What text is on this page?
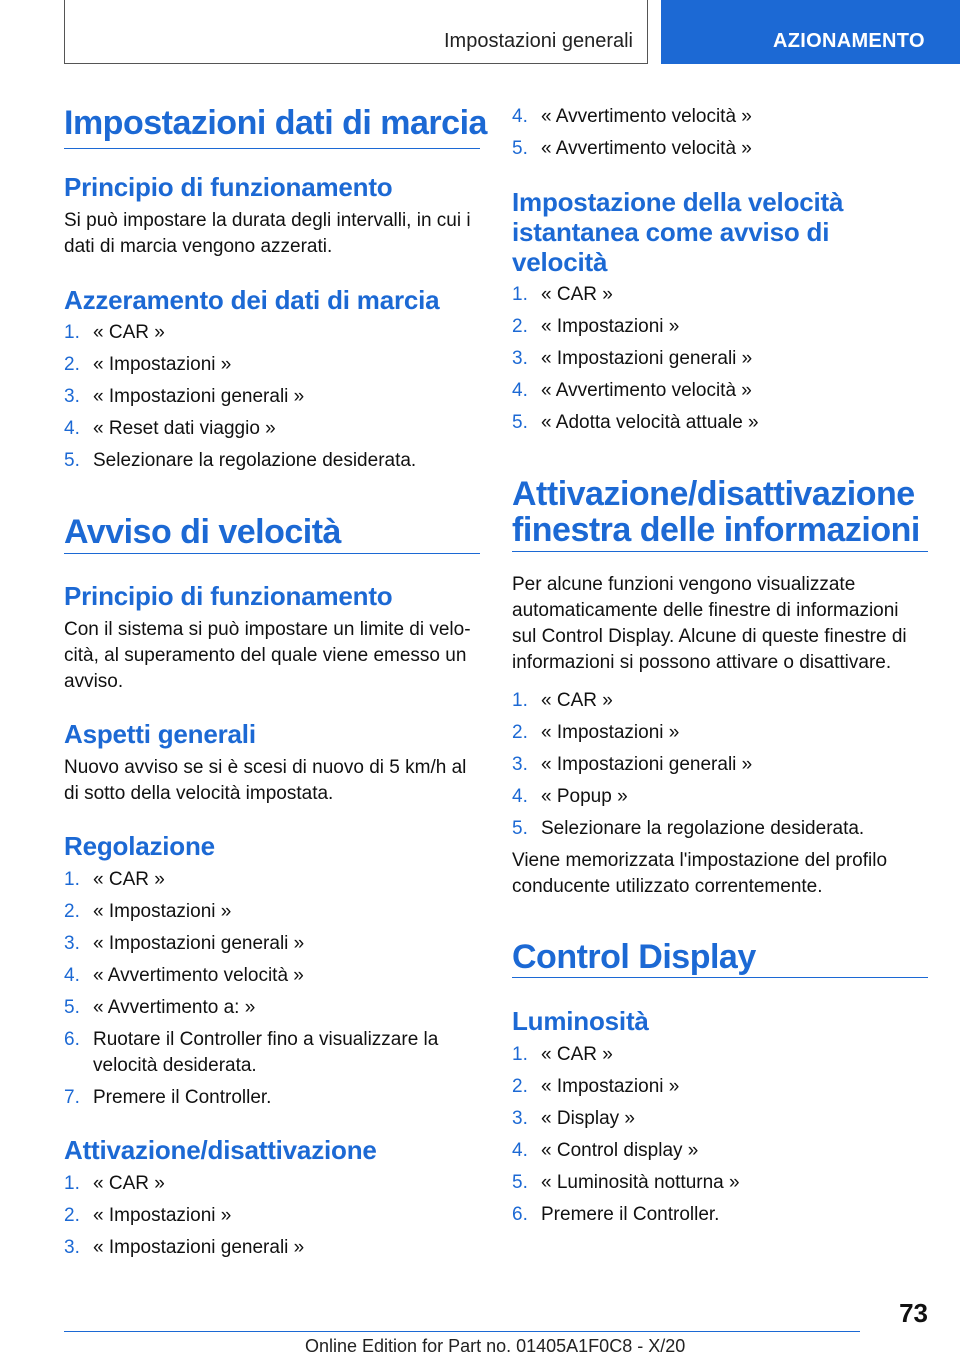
Impostazioni generali	AZIONAMENTO
Impostazioni dati di marcia
Principio di funzionamento
Si può impostare la durata degli intervalli, in cui i dati di marcia vengono azzerati.
Azzeramento dei dati di marcia
1. « CAR »
2. « Impostazioni »
3. « Impostazioni generali »
4. « Reset dati viaggio »
5. Selezionare la regolazione desiderata.
Avviso di velocità
Principio di funzionamento
Con il sistema si può impostare un limite di velocità, al superamento del quale viene emesso un avviso.
Aspetti generali
Nuovo avviso se si è scesi di nuovo di 5 km/h al di sotto della velocità impostata.
Regolazione
1. « CAR »
2. « Impostazioni »
3. « Impostazioni generali »
4. « Avvertimento velocità »
5. « Avvertimento a: »
6. Ruotare il Controller fino a visualizzare la velocità desiderata.
7. Premere il Controller.
Attivazione/disattivazione
1. « CAR »
2. « Impostazioni »
3. « Impostazioni generali »
4. « Avvertimento velocità »
5. « Avvertimento velocità »
Impostazione della velocità istantanea come avviso di velocità
1. « CAR »
2. « Impostazioni »
3. « Impostazioni generali »
4. « Avvertimento velocità »
5. « Adotta velocità attuale »
Attivazione/disattivazione
finestra delle informazioni
Per alcune funzioni vengono visualizzate automaticamente delle finestre di informazioni sul Control Display. Alcune di queste finestre di informazioni si possono attivare o disattivare.
1. « CAR »
2. « Impostazioni »
3. « Impostazioni generali »
4. « Popup »
5. Selezionare la regolazione desiderata.
Viene memorizzata l'impostazione del profilo conducente utilizzato correntemente.
Control Display
Luminosità
1. « CAR »
2. « Impostazioni »
3. « Display »
4. « Control display »
5. « Luminosità notturna »
6. Premere il Controller.
73
Online Edition for Part no. 01405A1F0C8 - X/20
